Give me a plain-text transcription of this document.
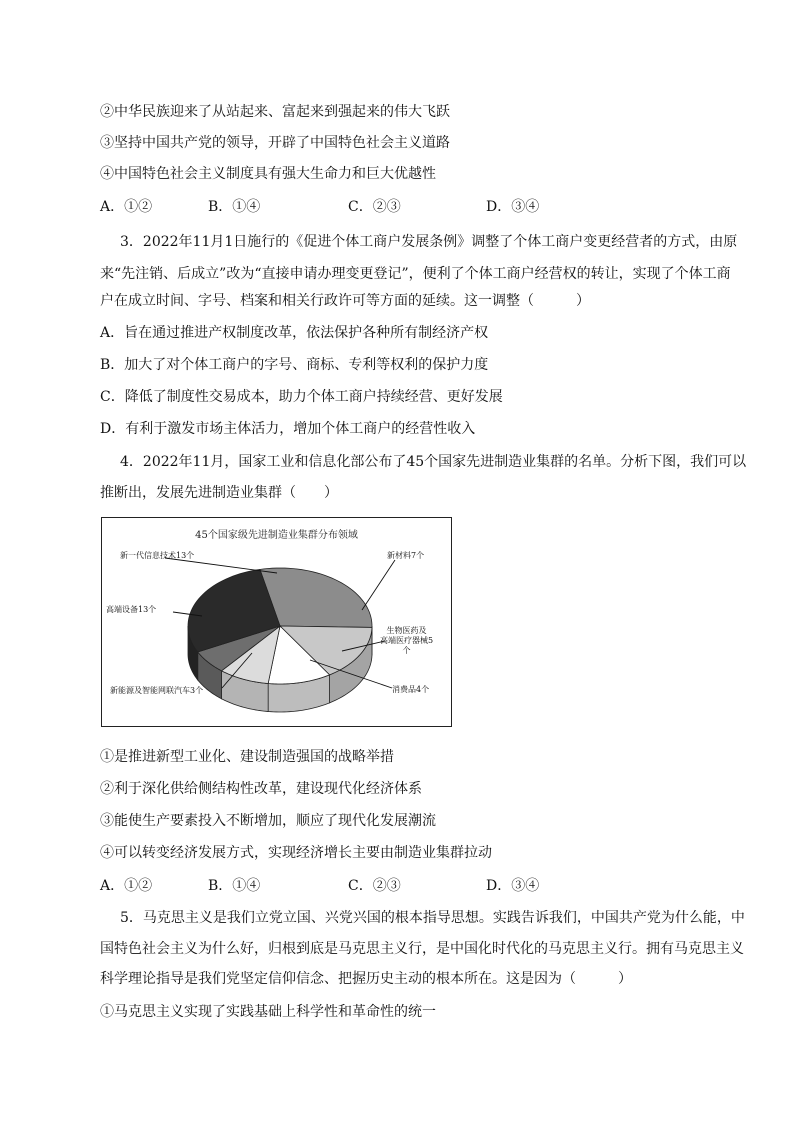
②中华民族迎来了从站起来、富起来到强起来的伟大飞跃
③坚持中国共产党的领导，开辟了中国特色社会主义道路
④中国特色社会主义制度具有强大生命力和巨大优越性
A．①②	B．①④	C．②③	D．③④
3．2022年11月1日施行的《促进个体工商户发展条例》调整了个体工商户变更经营者的方式，由原
来“先注销、后成立”改为“直接申请办理变更登记”，便利了个体工商户经营权的转让，实现了个体工商
户在成立时间、字号、档案和相关行政许可等方面的延续。这一调整（　　　）
A．旨在通过推进产权制度改革，依法保护各种所有制经济产权
B．加大了对个体工商户的字号、商标、专利等权利的保护力度
C．降低了制度性交易成本，助力个体工商户持续经营、更好发展
D．有利于激发市场主体活力，增加个体工商户的经营性收入
4．2022年11月，国家工业和信息化部公布了45个国家先进制造业集群的名单。分析下图，我们可以
推断出，发展先进制造业集群（　　）
45个国家级先进制造业集群分布领域
新一代信息技术13个	新材料7个
高端设备13个
生物医药及
高端医疗器械5
个
消费品4个
新能源及智能网联汽车3个
①是推进新型工业化、建设制造强国的战略举措
②利于深化供给侧结构性改革，建设现代化经济体系
③能使生产要素投入不断增加，顺应了现代化发展潮流
④可以转变经济发展方式，实现经济增长主要由制造业集群拉动
A．①②	B．①④	C．②③	D．③④
5．马克思主义是我们立党立国、兴党兴国的根本指导思想。实践告诉我们，中国共产党为什么能，中
国特色社会主义为什么好，归根到底是马克思主义行，是中国化时代化的马克思主义行。拥有马克思主义
科学理论指导是我们党坚定信仰信念、把握历史主动的根本所在。这是因为（　　　）
①马克思主义实现了实践基础上科学性和革命性的统一
